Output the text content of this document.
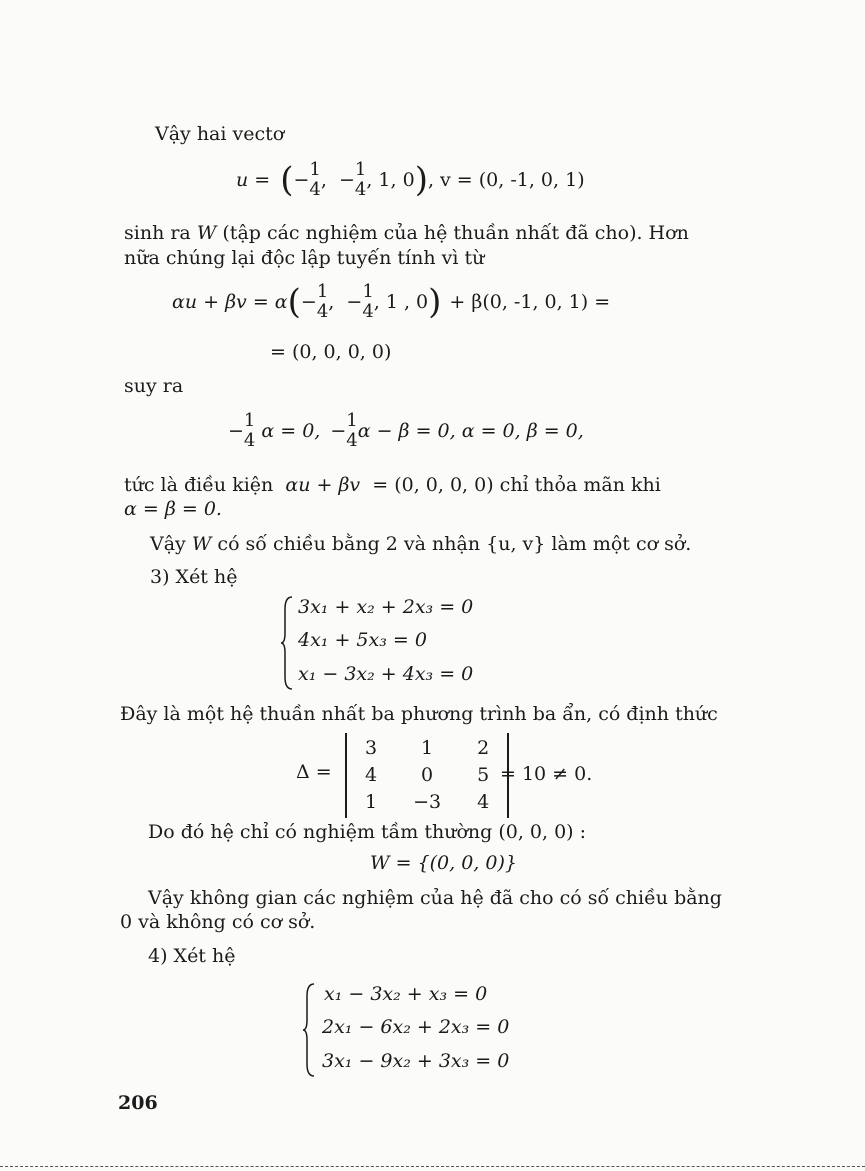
Vậy hai vectơ
u = ( − 1
4 ,  − 1
4 , 1, 0 ) , v = (0, -1, 0, 1)
sinh ra W (tập các nghiệm của hệ thuần nhất đã cho). Hơn
nữa chúng lại độc lập tuyến tính vì từ
αu + βv = α ( − 1
4 ,  − 1
4 , 1 , 0 ) + β(0, -1, 0, 1) =
= (0, 0, 0, 0)
suy ra
− 1
4 α = 0, − 1
4 α − β = 0, α = 0, β = 0,
tức là điều kiện αu + βv = (0, 0, 0, 0) chỉ thỏa mãn khi
α = β = 0.
Vậy W có số chiều bằng 2 và nhận {u, v} làm một cơ sở.
3) Xét hệ
3x₁ + x₂ + 2x₃ = 0
4x₁ + 5x₃ = 0
x₁ − 3x₂ + 4x₃ = 0
Đây là một hệ thuần nhất ba phương trình ba ẩn, có định thức
Δ =
3	1	2
4	0	5
1	−3	4
= 10 ≠ 0.
Do đó hệ chỉ có nghiệm tầm thường (0, 0, 0) :
W = {(0, 0, 0)}
Vậy không gian các nghiệm của hệ đã cho có số chiều bằng
0 và không có cơ sở.
4) Xét hệ
x₁ − 3x₂ + x₃ = 0
2x₁ − 6x₂ + 2x₃ = 0
3x₁ − 9x₂ + 3x₃ = 0
206
